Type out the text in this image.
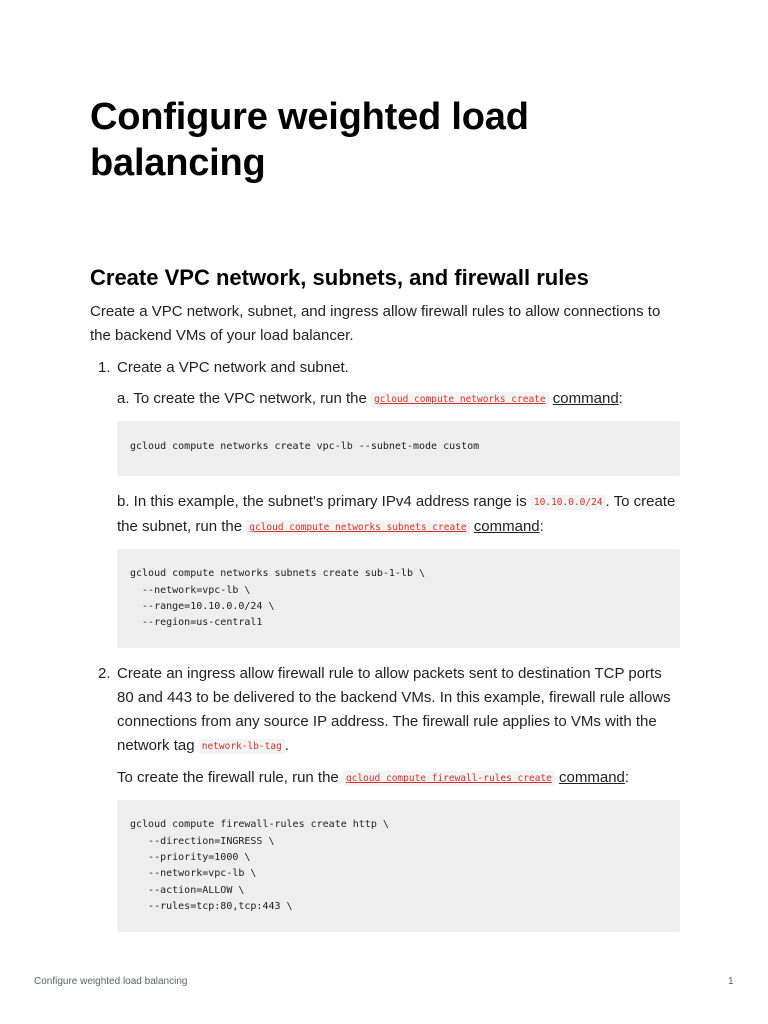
Configure weighted load balancing
Create VPC network, subnets, and firewall rules

Create a VPC network, subnet, and ingress allow firewall rules to allow connections to the backend VMs of your load balancer.

1. Create a VPC network and subnet.
a. To create the VPC network, run the gcloud compute networks create command:
gcloud compute networks create vpc-lb --subnet-mode custom
b. In this example, the subnet's primary IPv4 address range is 10.10.0.0/24 . To create the subnet, run the gcloud compute networks subnets create command:
gcloud compute networks subnets create sub-1-lb \
--network=vpc-lb \
--range=10.10.0.0/24 \
--region=us-central1
2. Create an ingress allow firewall rule to allow packets sent to destination TCP ports 80 and 443 to be delivered to the backend VMs. In this example, firewall rule allows connections from any source IP address. The firewall rule applies to VMs with the network tag network-lb-tag .
To create the firewall rule, run the gcloud compute firewall-rules create command:
gcloud compute firewall-rules create http \
--direction=INGRESS \
--priority=1000 \
--network=vpc-lb \
--action=ALLOW \
--rules=tcp:80,tcp:443 \
Configure weighted load balancing	1
